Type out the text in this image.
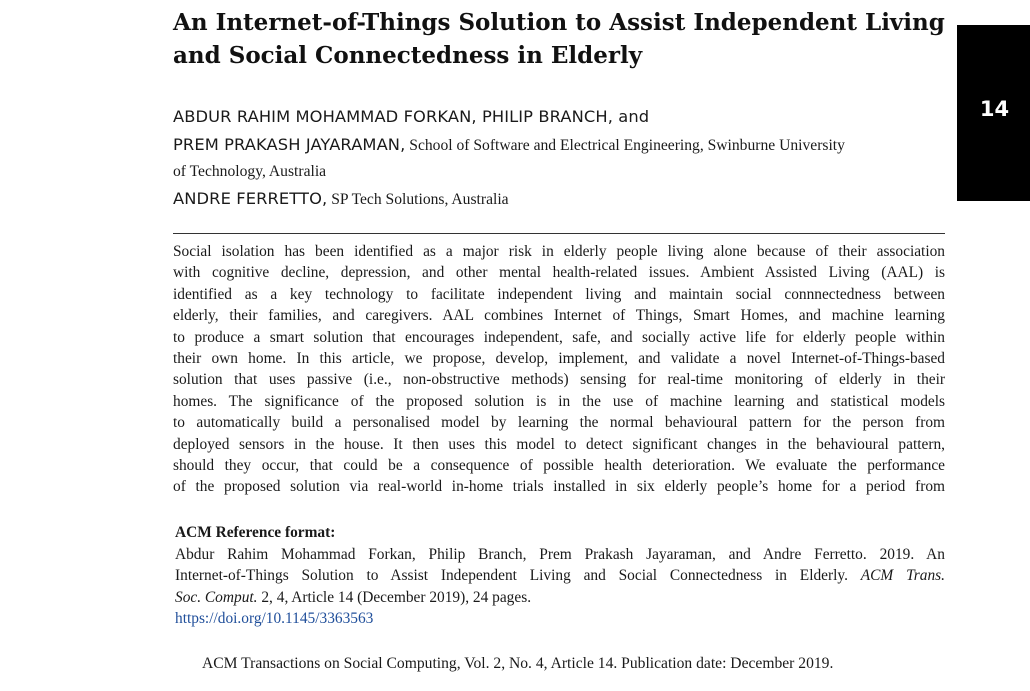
An Internet-of-Things Solution to Assist Independent Living and Social Connectedness in Elderly
14
ABDUR RAHIM MOHAMMAD FORKAN, PHILIP BRANCH, and
PREM PRAKASH JAYARAMAN, School of Software and Electrical Engineering, Swinburne University
of Technology, Australia
ANDRE FERRETTO, SP Tech Solutions, Australia
Social isolation has been identified as a major risk in elderly people living alone because of their association
with cognitive decline, depression, and other mental health-related issues. Ambient Assisted Living (AAL) is
identified as a key technology to facilitate independent living and maintain social connnectedness between
elderly, their families, and caregivers. AAL combines Internet of Things, Smart Homes, and machine learning
to produce a smart solution that encourages independent, safe, and socially active life for elderly people within
their own home. In this article, we propose, develop, implement, and validate a novel Internet-of-Things-based
solution that uses passive (i.e., non-obstructive methods) sensing for real-time monitoring of elderly in their
homes. The significance of the proposed solution is in the use of machine learning and statistical models
to automatically build a personalised model by learning the normal behavioural pattern for the person from
deployed sensors in the house. It then uses this model to detect significant changes in the behavioural pattern,
should they occur, that could be a consequence of possible health deterioration. We evaluate the performance
of the proposed solution via real-world in-home trials installed in six elderly people’s home for a period from
ACM Reference format:
Abdur Rahim Mohammad Forkan, Philip Branch, Prem Prakash Jayaraman, and Andre Ferretto. 2019. An
Internet-of-Things Solution to Assist Independent Living and Social Connectedness in Elderly. ACM Trans.
Soc. Comput. 2, 4, Article 14 (December 2019), 24 pages.
https://doi.org/10.1145/3363563
ACM Transactions on Social Computing, Vol. 2, No. 4, Article 14. Publication date: December 2019.
